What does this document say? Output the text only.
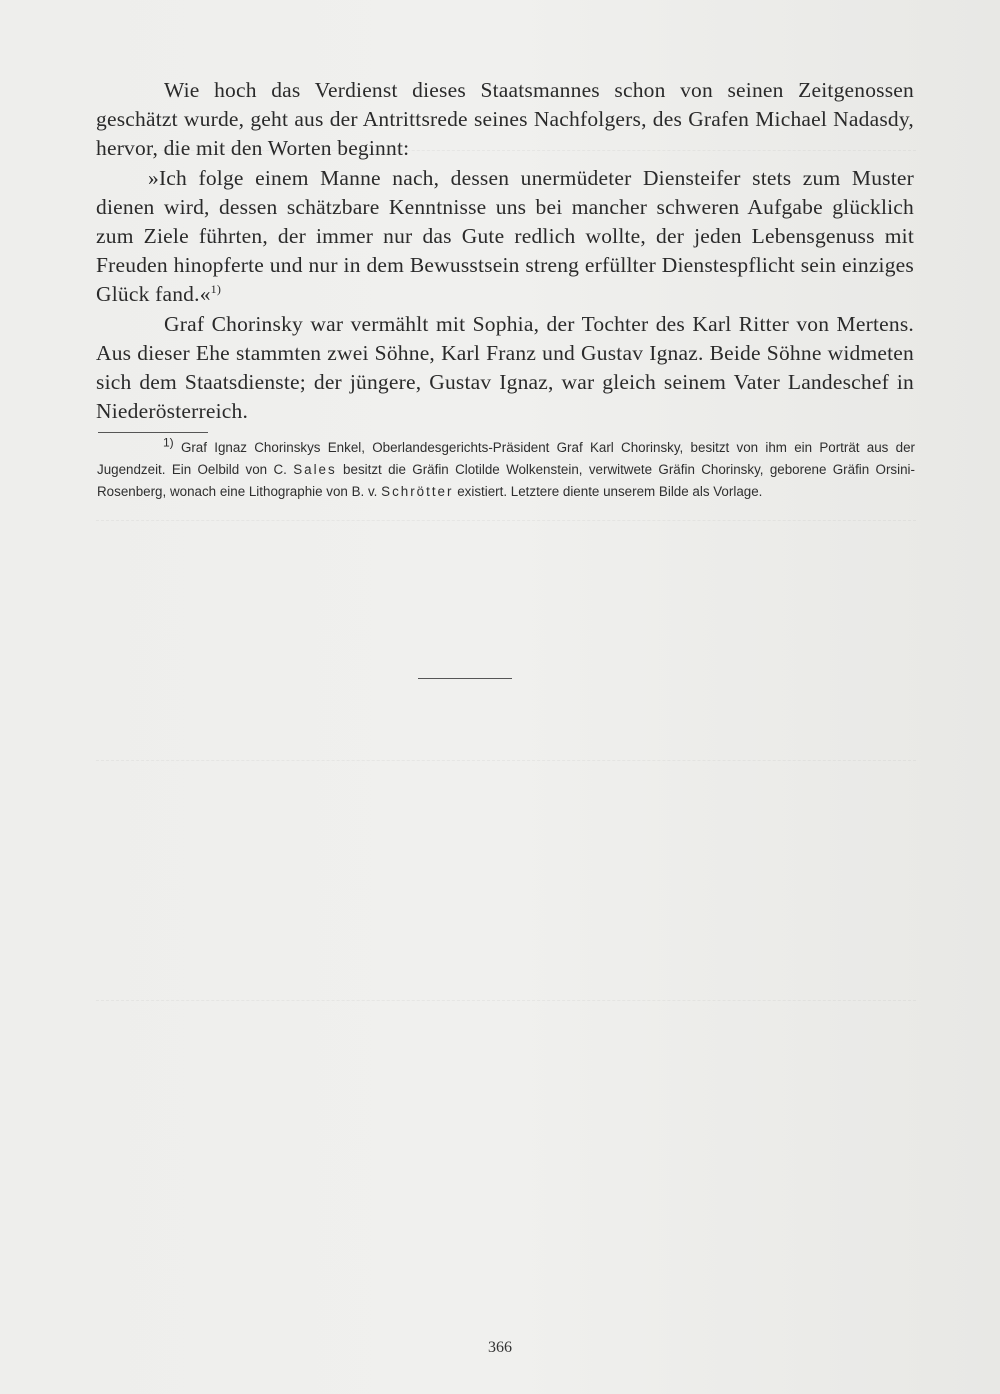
Wie hoch das Verdienst dieses Staatsmannes schon von seinen Zeitgenossen geschätzt wurde, geht aus der Antrittsrede seines Nachfolgers, des Grafen Michael Nadasdy, hervor, die mit den Worten beginnt:

»Ich folge einem Manne nach, dessen unermüdeter Diensteifer stets zum Muster dienen wird, dessen schätzbare Kenntnisse uns bei mancher schweren Aufgabe glücklich zum Ziele führten, der immer nur das Gute redlich wollte, der jeden Lebensgenuss mit Freuden hinopferte und nur in dem Bewusstsein streng erfüllter Dienstespflicht sein einziges Glück fand.«$^{1)}$

Graf Chorinsky war vermählt mit Sophia, der Tochter des Karl Ritter von Mertens. Aus dieser Ehe stammten zwei Söhne, Karl Franz und Gustav Ignaz. Beide Söhne widmeten sich dem Staatsdienste; der jüngere, Gustav Ignaz, war gleich seinem Vater Landeschef in Niederösterreich.

$^{1)}$ Graf Ignaz Chorinskys Enkel, Oberlandesgerichts-Präsident Graf Karl Chorinsky, besitzt von ihm ein Porträt aus der Jugendzeit. Ein Oelbild von C. Sales besitzt die Gräfin Clotilde Wolkenstein, verwitwete Gräfin Chorinsky, geborene Gräfin Orsini-Rosenberg, wonach eine Lithographie von B. v. Schrötter existiert. Letztere diente unserem Bilde als Vorlage.

366
